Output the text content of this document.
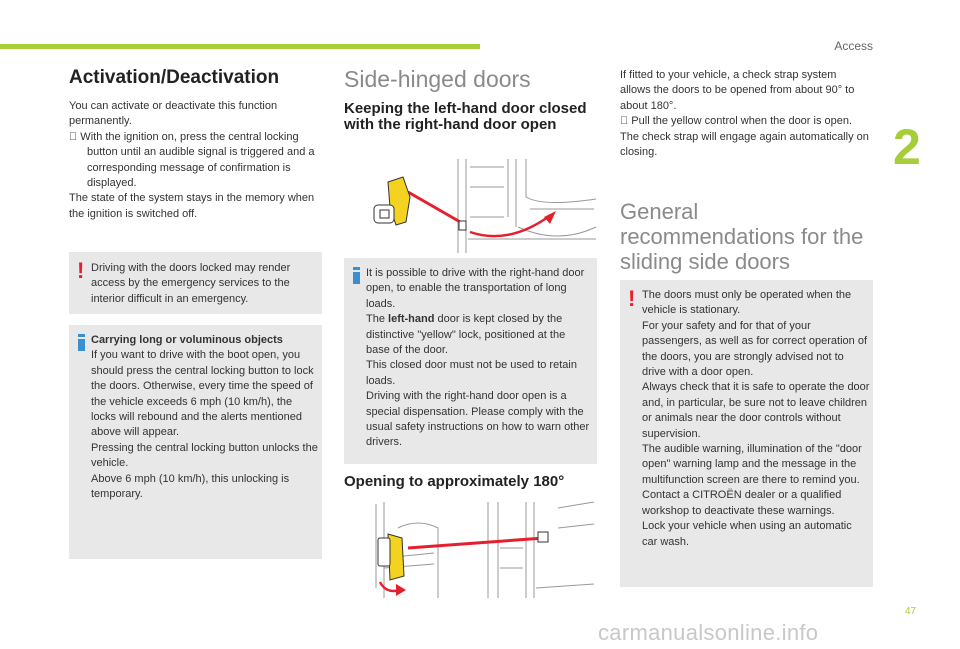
Access
2
47
Activation/Deactivation

You can activate or deactivate this function permanently.

With the ignition on, press the central locking button until an audible signal is triggered and a corresponding message of confirmation is displayed.

The state of the system stays in the memory when the ignition is switched off.

! Driving with the doors locked may render access by the emergency services to the interior difficult in an emergency.

Carrying long or voluminous objects

If you want to drive with the boot open, you should press the central locking button to lock the doors. Otherwise, every time the speed of the vehicle exceeds 6 mph (10 km/h), the locks will rebound and the alerts mentioned above will appear.

Pressing the central locking button unlocks the vehicle.

Above 6 mph (10 km/h), this unlocking is temporary.

Side-hinged doors
Keeping the left-hand door closed with the right-hand door open

It is possible to drive with the right-hand door open, to enable the transportation of long loads.

The left-hand door is kept closed by the distinctive "yellow" lock, positioned at the base of the door.

This closed door must not be used to retain loads.

Driving with the right-hand door open is a special dispensation. Please comply with the usual safety instructions on how to warn other drivers.

Opening to approximately 180°

If fitted to your vehicle, a check strap system allows the doors to be opened from about 90° to about 180°.

Pull the yellow control when the door is open.

The check strap will engage again automatically on closing.

General recommendations for the sliding side doors
! The doors must only be operated when the vehicle is stationary.

For your safety and for that of your passengers, as well as for correct operation of the doors, you are strongly advised not to drive with a door open.

Always check that it is safe to operate the door and, in particular, be sure not to leave children or animals near the door controls without supervision.

The audible warning, illumination of the "door open" warning lamp and the message in the multifunction screen are there to remind you. Contact a CITROËN dealer or a qualified workshop to deactivate these warnings.

Lock your vehicle when using an automatic car wash.

carmanualsonline.info
